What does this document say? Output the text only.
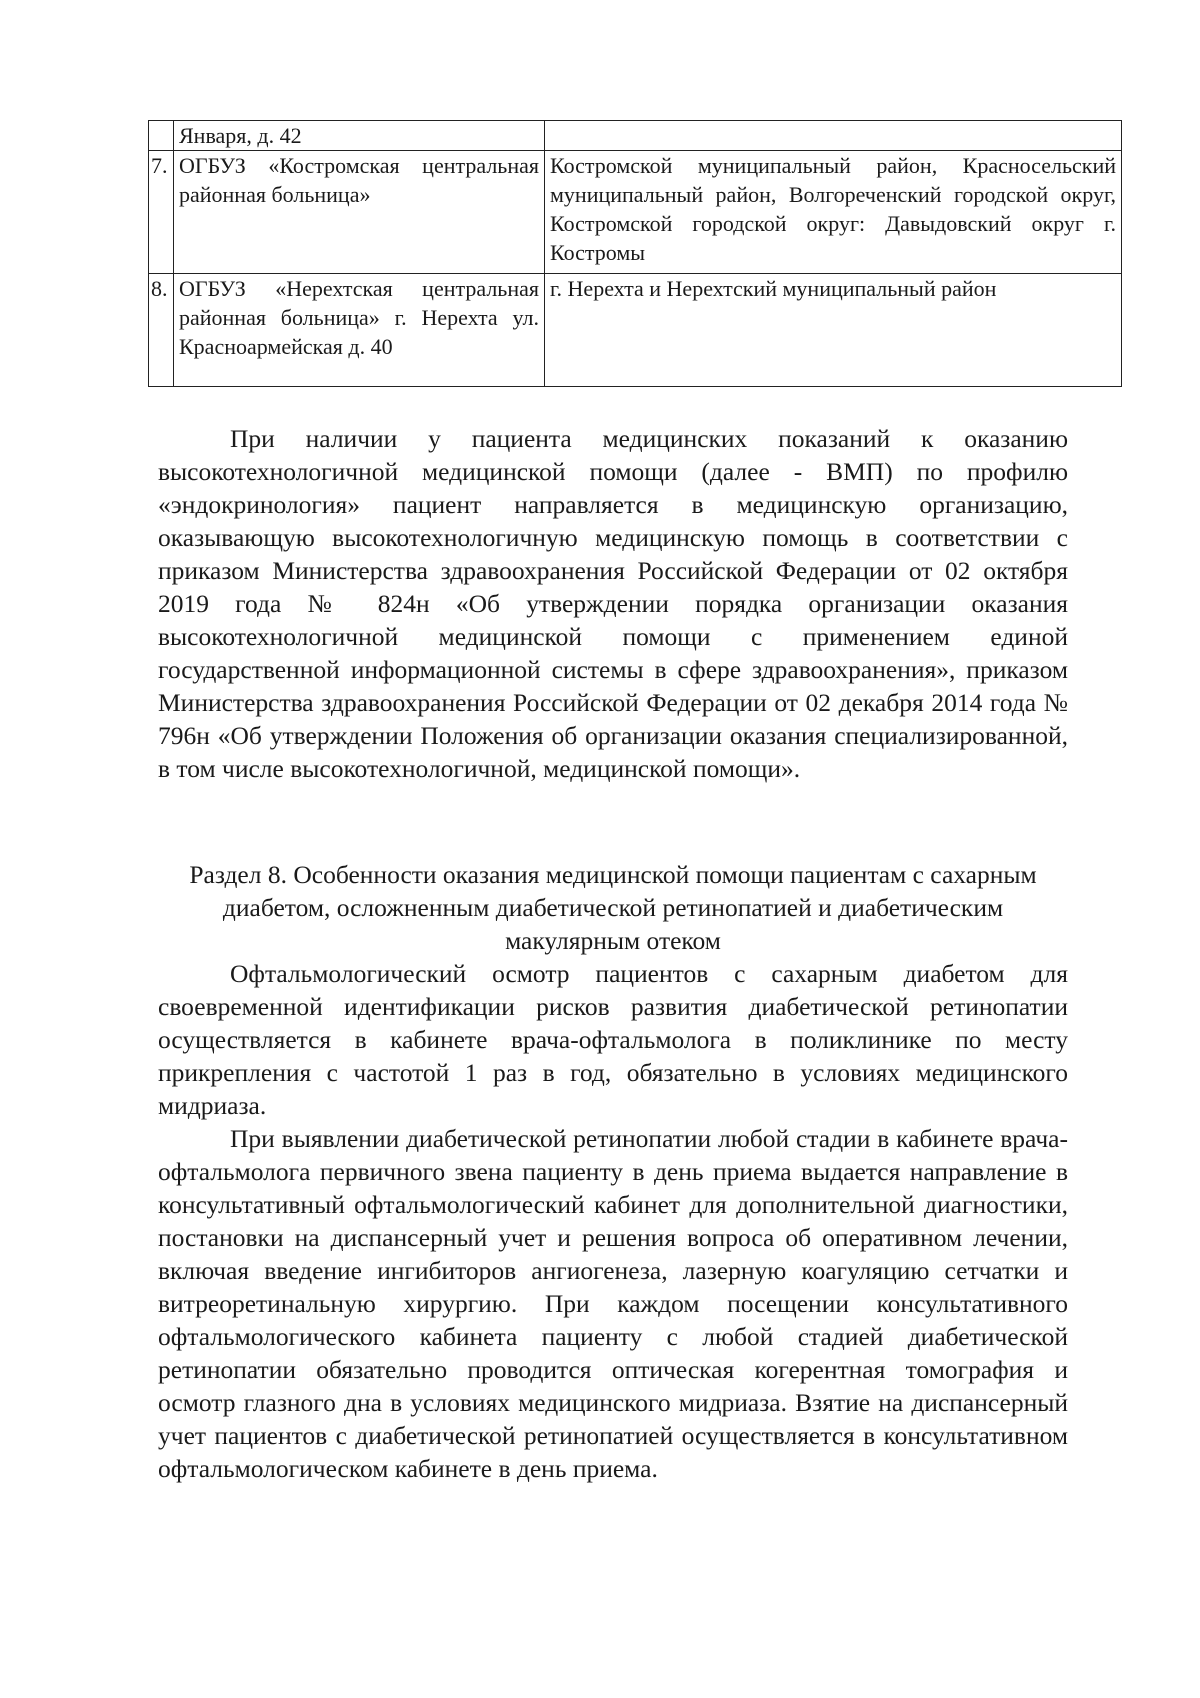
	Января, д. 42	
7.	ОГБУЗ «Костромская центральная районная больница»	Костромской муниципальный район, Красносельский муниципальный район, Волгореченский городской округ, Костромской городской округ: Давыдовский округ г. Костромы
8.	ОГБУЗ «Нерехтская центральная районная больница» г. Нерехта ул. Красноармейская д. 40	г. Нерехта и Нерехтский муниципальный район

При наличии у пациента медицинских показаний к оказанию высокотехнологичной медицинской помощи (далее - ВМП) по профилю «эндокринология» пациент направляется в медицинскую организацию, оказывающую высокотехнологичную медицинскую помощь в соответствии с приказом Министерства здравоохранения Российской Федерации от 02 октября 2019 года № 824н «Об утверждении порядка организации оказания высокотехнологичной медицинской помощи с применением единой государственной информационной системы в сфере здравоохранения», приказом Министерства здравоохранения Российской Федерации от 02 декабря 2014 года № 796н «Об утверждении Положения об организации оказания специализированной, в том числе высокотехнологичной, медицинской помощи».

Раздел 8. Особенности оказания медицинской помощи пациентам с сахарным диабетом, осложненным диабетической ретинопатией и диабетическим макулярным отеком

Офтальмологический осмотр пациентов с сахарным диабетом для своевременной идентификации рисков развития диабетической ретинопатии осуществляется в кабинете врача-офтальмолога в поликлинике по месту прикрепления с частотой 1 раз в год, обязательно в условиях медицинского мидриаза.

При выявлении диабетической ретинопатии любой стадии в кабинете врача-офтальмолога первичного звена пациенту в день приема выдается направление в консультативный офтальмологический кабинет для дополнительной диагностики, постановки на диспансерный учет и решения вопроса об оперативном лечении, включая введение ингибиторов ангиогенеза, лазерную коагуляцию сетчатки и витреоретинальную хирургию. При каждом посещении консультативного офтальмологического кабинета пациенту с любой стадией диабетической ретинопатии обязательно проводится оптическая когерентная томография и осмотр глазного дна в условиях медицинского мидриаза. Взятие на диспансерный учет пациентов с диабетической ретинопатией осуществляется в консультативном офтальмологическом кабинете в день приема.
